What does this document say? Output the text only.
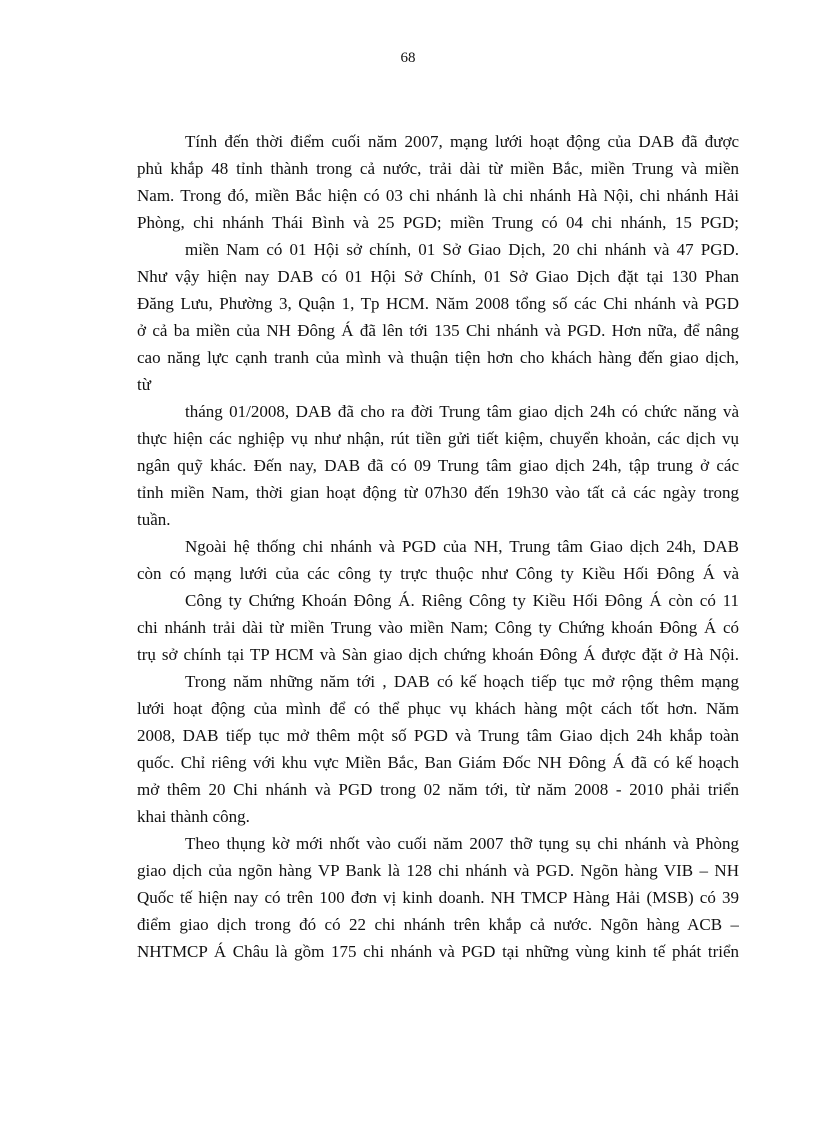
68
Tính đến thời điểm cuối năm 2007, mạng lưới hoạt động của DAB đã được
phủ khắp 48 tỉnh thành trong cả nước, trải dài từ miền Bắc, miền Trung và miền
Nam. Trong đó, miền Bắc hiện có 03 chi nhánh là chi nhánh Hà Nội, chi nhánh Hải
Phòng, chi nhánh Thái Bình và 25 PGD; miền Trung có 04 chi nhánh, 15 PGD;
miền Nam có 01 Hội sở chính, 01 Sở Giao Dịch, 20 chi nhánh và 47 PGD.
Như vậy hiện nay DAB có 01 Hội Sở Chính, 01 Sở Giao Dịch đặt tại 130 Phan
Đăng Lưu, Phường 3, Quận 1, Tp HCM. Năm 2008 tổng số các Chi nhánh và PGD
ở cả ba miền của NH Đông Á đã lên tới 135 Chi nhánh và PGD. Hơn nữa, để nâng
cao năng lực cạnh tranh của mình và thuận tiện hơn cho khách hàng đến giao dịch,
từ
tháng 01/2008, DAB đã cho ra đời Trung tâm giao dịch 24h có chức năng và
thực hiện các nghiệp vụ như nhận, rút tiền gửi tiết kiệm, chuyển khoản, các dịch vụ
ngân quỹ khác. Đến nay, DAB đã có 09 Trung tâm giao dịch 24h, tập trung ở các
tỉnh miền Nam, thời gian hoạt động từ 07h30 đến 19h30 vào tất cả các ngày trong
tuần.
Ngoài hệ thống chi nhánh và PGD của NH, Trung tâm Giao dịch 24h, DAB
còn có mạng lưới của các công ty trực thuộc như Công ty Kiều Hối Đông Á và
Công ty Chứng Khoán Đông Á. Riêng Công ty Kiều Hối Đông Á còn có 11
chi nhánh trải dài từ miền Trung vào miền Nam; Công ty Chứng khoán Đông Á có
trụ sở chính tại TP HCM và Sàn giao dịch chứng khoán Đông Á được đặt ở Hà Nội.
Trong năm những năm tới , DAB có kế hoạch tiếp tục mở rộng thêm mạng
lưới hoạt động của mình để có thể phục vụ khách hàng một cách tốt hơn. Năm
2008, DAB tiếp tục mở thêm một số PGD và Trung tâm Giao dịch 24h khắp toàn
quốc. Chỉ riêng với khu vực Miền Bắc, Ban Giám Đốc NH Đông Á đã có kế hoạch
mở thêm 20 Chi nhánh và PGD trong 02 năm tới, từ năm 2008 - 2010 phải triển
khai thành công.
Theo thụng kờ mới nhốt vào cuối năm 2007 thỡ tụng sụ chi nhánh và Phòng
giao dịch của ngõn hàng VP Bank là 128 chi nhánh và PGD. Ngõn hàng VIB – NH
Quốc tế hiện nay có trên 100 đơn vị kinh doanh. NH TMCP Hàng Hải (MSB) có 39
điểm giao dịch trong đó có 22 chi nhánh trên khắp cả nước. Ngõn hàng ACB –
NHTMCP Á Châu là gồm 175 chi nhánh và PGD tại những vùng kinh tế phát triển
